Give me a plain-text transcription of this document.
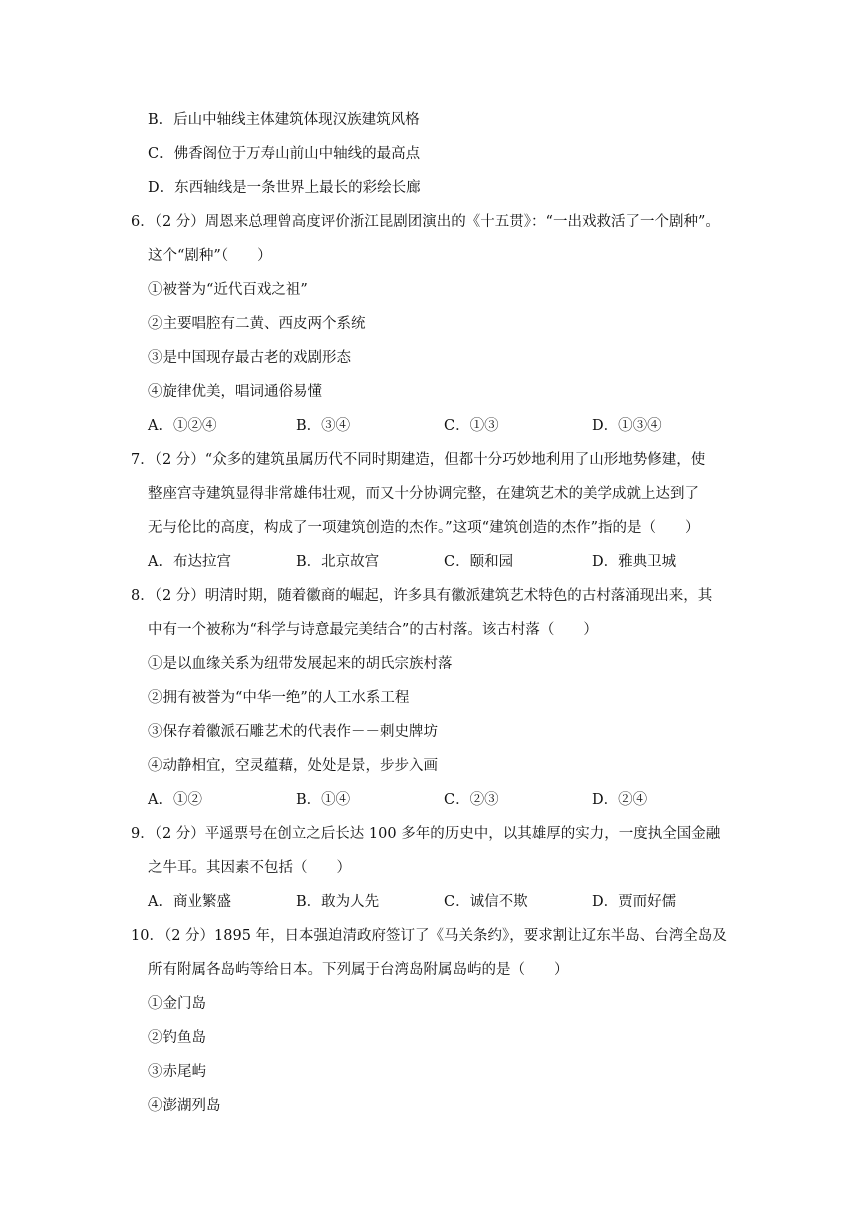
B．后山中轴线主体建筑体现汉族建筑风格
C．佛香阁位于万寿山前山中轴线的最高点
D．东西轴线是一条世界上最长的彩绘长廊
6．（2 分）周恩来总理曾高度评价浙江昆剧团演出的《十五贯》：“一出戏救活了一个剧种”。
这个“剧种”（　　）
①被誉为“近代百戏之祖”
②主要唱腔有二黄、西皮两个系统
③是中国现存最古老的戏剧形态
④旋律优美，唱词通俗易懂
A．①②④	B．③④	C．①③	D．①③④
7．（2 分）“众多的建筑虽属历代不同时期建造，但都十分巧妙地利用了山形地势修建，使
整座宫寺建筑显得非常雄伟壮观，而又十分协调完整，在建筑艺术的美学成就上达到了
无与伦比的高度，构成了一项建筑创造的杰作。”这项“建筑创造的杰作”指的是（　　）
A．布达拉宫	B．北京故宫	C．颐和园	D．雅典卫城
8．（2 分）明清时期，随着徽商的崛起，许多具有徽派建筑艺术特色的古村落涌现出来，其
中有一个被称为“科学与诗意最完美结合”的古村落。该古村落（　　）
①是以血缘关系为纽带发展起来的胡氏宗族村落
②拥有被誉为“中华一绝”的人工水系工程
③保存着徽派石雕艺术的代表作－－刺史牌坊
④动静相宜，空灵蕴藉，处处是景，步步入画
A．①②	B．①④	C．②③	D．②④
9．（2 分）平遥票号在创立之后长达 100 多年的历史中，以其雄厚的实力，一度执全国金融
之牛耳。其因素不包括（　　）
A．商业繁盛	B．敢为人先	C．诚信不欺	D．贾而好儒
10．（2 分）1895 年，日本强迫清政府签订了《马关条约》，要求割让辽东半岛、台湾全岛及
所有附属各岛屿等给日本。下列属于台湾岛附属岛屿的是（　　）
①金门岛
②钓鱼岛
③赤尾屿
④澎湖列岛
